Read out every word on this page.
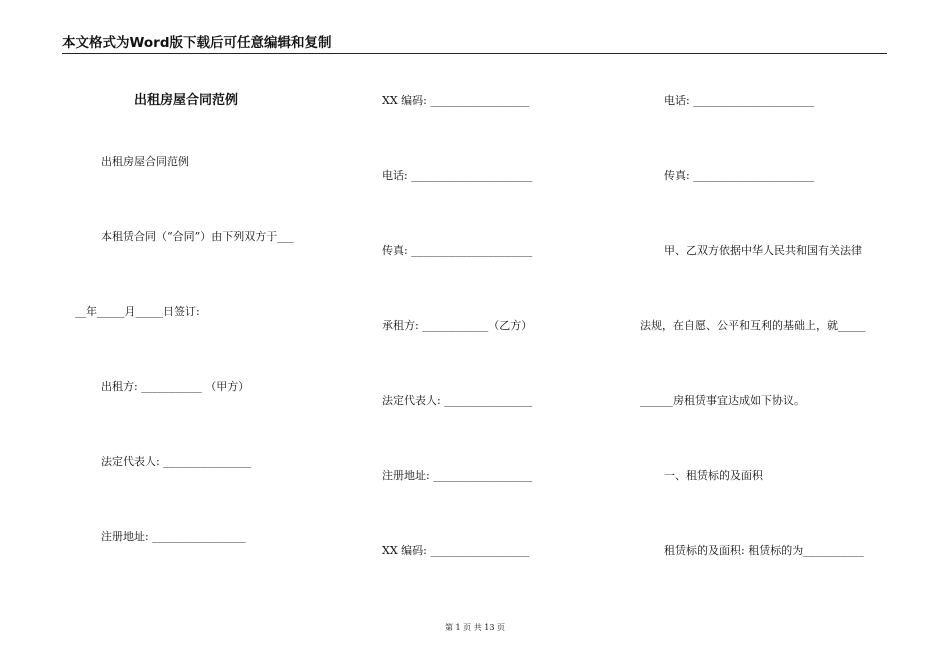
本文格式为Word版下载后可任意编辑和复制
出租房屋合同范例
出租房屋合同范例
本租赁合同（“合同”）由下列双方于___
__年_____月_____日签订:
出租方: ___________ （甲方）
法定代表人: ________________
注册地址: _________________
XX 编码: __________________
电话: ______________________
传真: ______________________
承租方: ____________（乙方）
法定代表人: ________________
注册地址: __________________
XX 编码: __________________
电话: ______________________
传真: ______________________
甲、乙双方依据中华人民共和国有关法律
法规，在自愿、公平和互利的基础上，就_____
______房租赁事宜达成如下协议。
一、租赁标的及面积
租赁标的及面积: 租赁标的为___________
第 1 页 共 13 页
